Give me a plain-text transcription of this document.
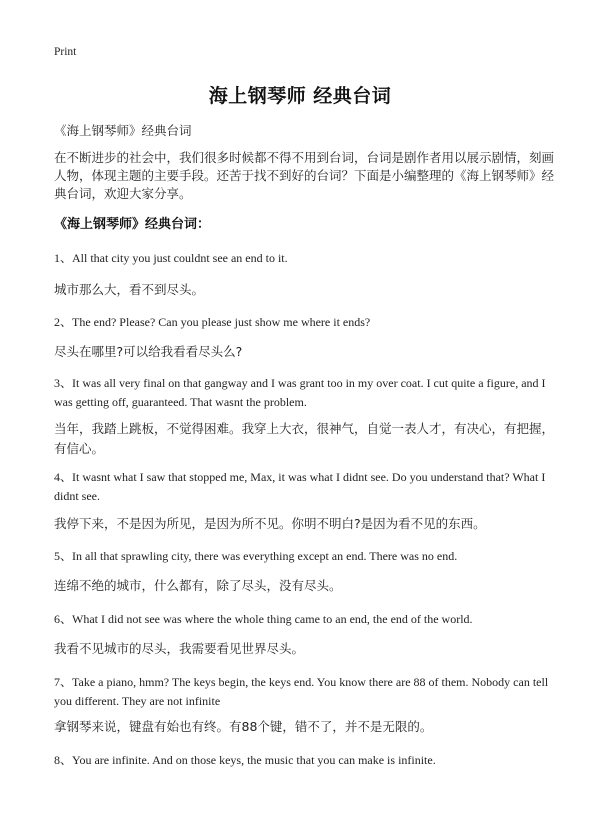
Print
海上钢琴师 经典台词
《海上钢琴师》经典台词
在不断进步的社会中，我们很多时候都不得不用到台词，台词是剧作者用以展示剧情，刻画人物，体现主题的主要手段。还苦于找不到好的台词？下面是小编整理的《海上钢琴师》经典台词，欢迎大家分享。
《海上钢琴师》经典台词：
1、All that city you just couldnt see an end to it.
城市那么大，看不到尽头。
2、The end? Please? Can you please just show me where it ends?
尽头在哪里?可以给我看看尽头么?
3、It was all very final on that gangway and I was grant too in my over coat. I cut quite a figure, and I was getting off, guaranteed. That wasnt the problem.
当年，我踏上跳板，不觉得困难。我穿上大衣，很神气，自觉一表人才，有决心，有把握，有信心。
4、It wasnt what I saw that stopped me, Max, it was what I didnt see. Do you understand that? What I didnt see.
我停下来，不是因为所见，是因为所不见。你明不明白?是因为看不见的东西。
5、In all that sprawling city, there was everything except an end. There was no end.
连绵不绝的城市，什么都有，除了尽头，没有尽头。
6、What I did not see was where the whole thing came to an end, the end of the world.
我看不见城市的尽头，我需要看见世界尽头。
7、Take a piano, hmm? The keys begin, the keys end. You know there are 88 of them. Nobody can tell you different. They are not infinite
拿钢琴来说，键盘有始也有终。有88个键，错不了，并不是无限的。
8、You are infinite. And on those keys, the music that you can make is infinite.
